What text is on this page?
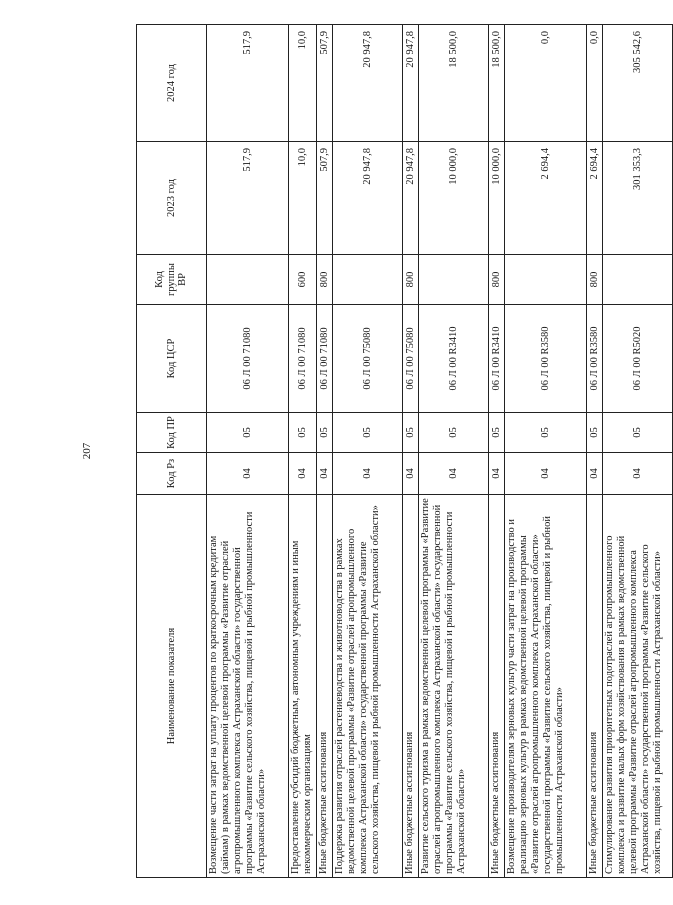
207
Наименование показателя	Код Рз	Код ПР	Код ЦСР	Код группы ВР	2023 год	2024 год
Возмещение части затрат на уплату процентов по краткосрочным кредитам (займам) в рамках ведомственной целевой программы «Развитие отраслей агропромышленного комплекса Астраханской области» государственной программы «Развитие сельского хозяйства, пищевой и рыбной промышленности Астраханской области»	04	05	06 Л 00 71080		517,9	517,9
Предоставление субсидий бюджетным, автономным учреждениям и иным некоммерческим организациям	04	05	06 Л 00 71080	600	10,0	10,0
Иные бюджетные ассигнования	04	05	06 Л 00 71080	800	507,9	507,9
Поддержка развития отраслей растениеводства и животноводства в рамках ведомственной целевой программы «Развитие отраслей агропромышленного комплекса Астраханской области» государственной программы «Развитие сельского хозяйства, пищевой и рыбной промышленности Астраханской области»	04	05	06 Л 00 75080		20 947,8	20 947,8
Иные бюджетные ассигнования	04	05	06 Л 00 75080	800	20 947,8	20 947,8
Развитие сельского туризма в рамках ведомственной целевой программы «Развитие отраслей агропромышленного комплекса Астраханской области» государственной программы «Развитие сельского хозяйства, пищевой и рыбной промышленности Астраханской области»	04	05	06 Л 00 R3410		10 000,0	18 500,0
Иные бюджетные ассигнования	04	05	06 Л 00 R3410	800	10 000,0	18 500,0
Возмещение производителям зерновых культур части затрат на производство и реализацию зерновых культур в рамках ведомственной целевой программы «Развитие отраслей агропромышленного комплекса Астраханской области» государственной программы «Развитие сельского хозяйства, пищевой и рыбной промышленности Астраханской области»	04	05	06 Л 00 R3580		2 694,4	0,0
Иные бюджетные ассигнования	04	05	06 Л 00 R3580	800	2 694,4	0,0
Стимулирование развития приоритетных подотраслей агропромышленного комплекса и развитие малых форм хозяйствования в рамках ведомственной целевой программы «Развитие отраслей агропромышленного комплекса Астраханской области» государственной программы «Развитие сельского хозяйства, пищевой и рыбной промышленности Астраханской области»	04	05	06 Л 00 R5020		301 353,3	305 542,6
